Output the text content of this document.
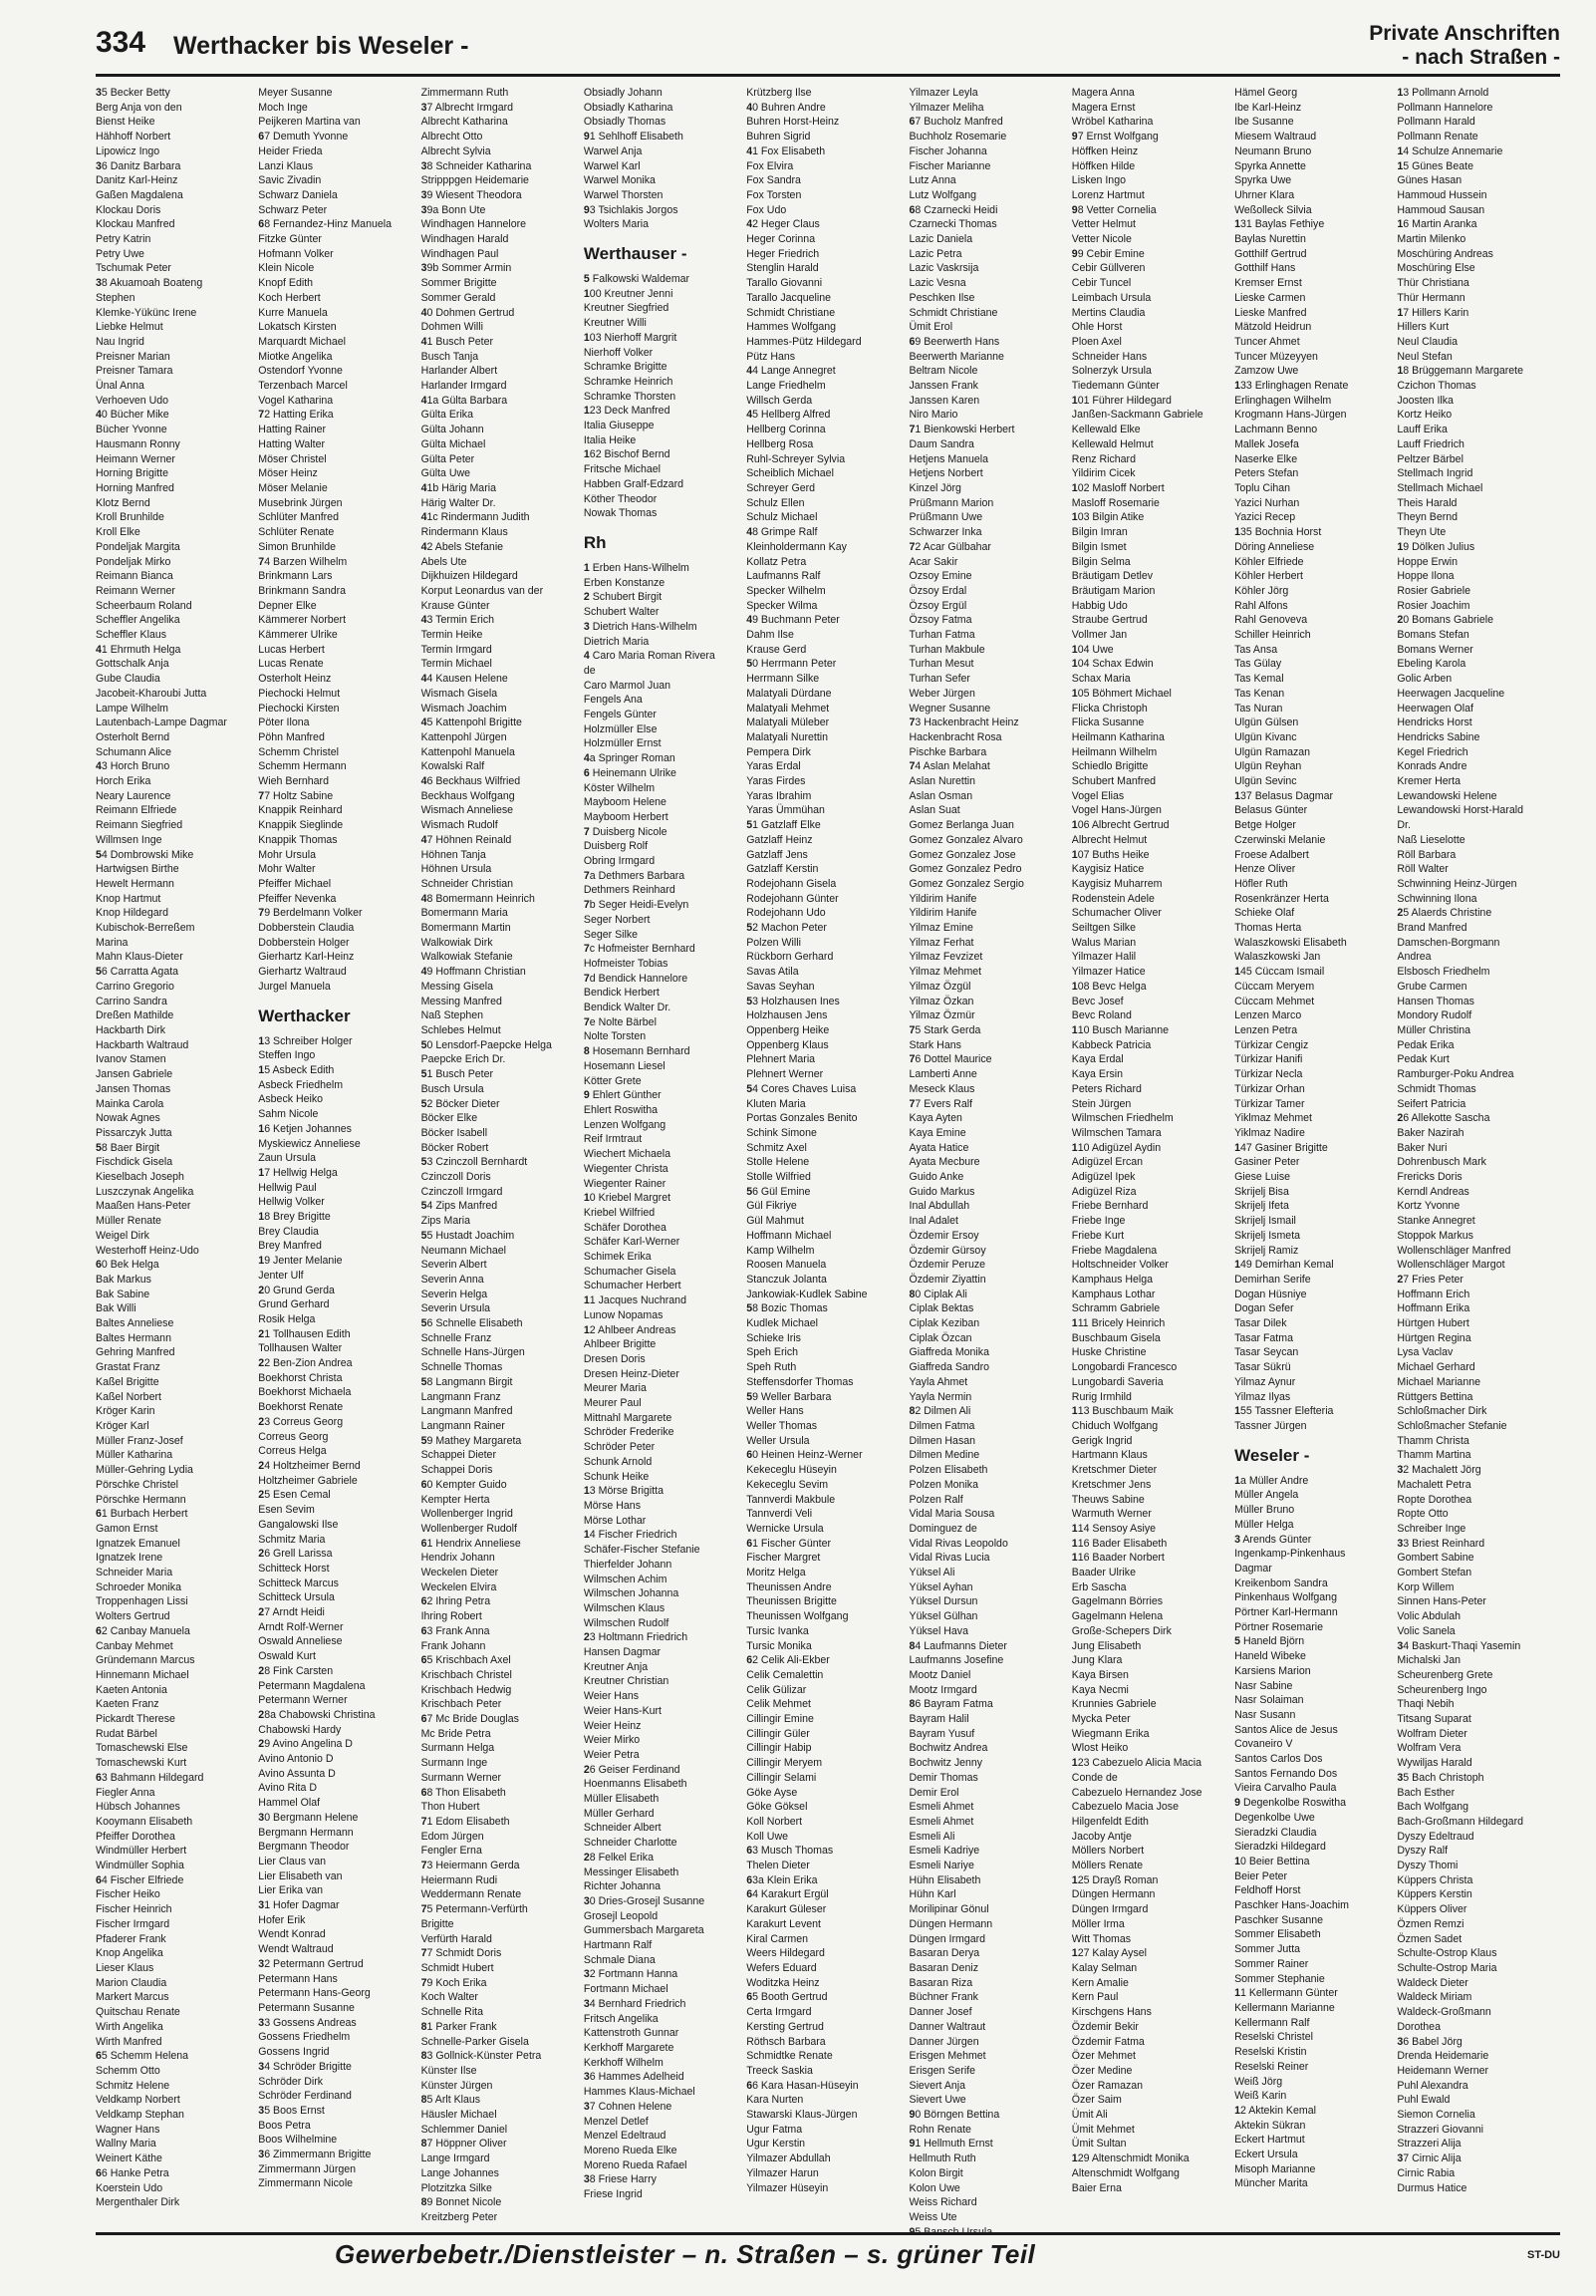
334 Werthacker bis Weseler -	Private Anschriften
- nach Straßen -
35 Becker Betty
Berg Anja von den
Bienst Heike
Hähhoff Norbert
Lipowicz Ingo
36 Danitz Barbara
Danitz Karl-Heinz
Gaßen Magdalena
Klockau Doris
Klockau Manfred
Petry Katrin
Petry Uwe
Tschumak Peter
38 Akuamoah Boateng
Stephen
Klemke-Yükünc Irene
Liebke Helmut
Nau Ingrid
Preisner Marian
Preisner Tamara
Ünal Anna
Verhoeven Udo
40 Bücher Mike
Bücher Yvonne
Hausmann Ronny
Heimann Werner
Horning Brigitte
Horning Manfred
Klotz Bernd
Kroll Brunhilde
Kroll Elke
Pondeljak Margita
Pondeljak Mirko
Reimann Bianca
Reimann Werner
Scheerbaum Roland
Scheffler Angelika
Scheffler Klaus
41 Ehrmuth Helga
Gottschalk Anja
Gube Claudia
Jacobeit-Kharoubi Jutta
Lampe Wilhelm
Lautenbach-Lampe Dagmar
Osterholt Bernd
Schumann Alice
43 Horch Bruno
Horch Erika
Neary Laurence
Reimann Elfriede
Reimann Siegfried
Willmsen Inge
54 Dombrowski Mike
Hartwigsen Birthe
Hewelt Hermann
Knop Hartmut
Knop Hildegard
Kubischok-Berreßem
Marina
Mahn Klaus-Dieter
56 Carratta Agata
Carrino Gregorio
Carrino Sandra
Dreßen Mathilde
Hackbarth Dirk
Hackbarth Waltraud
Ivanov Stamen
Jansen Gabriele
Jansen Thomas
Mainka Carola
Nowak Agnes
Pissarczyk Jutta
58 Baer Birgit
Fischdick Gisela
Kieselbach Joseph
Luszczynak Angelika
Maaßen Hans-Peter
Müller Renate
Weigel Dirk
Westerhoff Heinz-Udo
60 Bek Helga
Bak Markus
Bak Sabine
Bak Willi
Baltes Anneliese
Baltes Hermann
Gehring Manfred
Grastat Franz
Kaßel Brigitte
Kaßel Norbert
Kröger Karin
Kröger Karl
Müller Franz-Josef
Müller Katharina
Müller-Gehring Lydia
Pörschke Christel
Pörschke Hermann
61 Burbach Herbert
Gamon Ernst
Ignatzek Emanuel
Ignatzek Irene
Schneider Maria
Schroeder Monika
Troppenhagen Lissi
Wolters Gertrud
62 Canbay Manuela
Canbay Mehmet
Gründemann Marcus
Hinnemann Michael
Kaeten Antonia
Kaeten Franz
Pickardt Therese
Rudat Bärbel
Tomaschewski Else
Tomaschewski Kurt
63 Bahmann Hildegard
Fiegler Anna
Hübsch Johannes
Kooymann Elisabeth
Pfeiffer Dorothea
Windmüller Herbert
Windmüller Sophia
64 Fischer Elfriede
Fischer Heiko
Fischer Heinrich
Fischer Irmgard
Pfaderer Frank
Knop Angelika
Lieser Klaus
Marion Claudia
Markert Marcus
Quitschau Renate
Wirth Angelika
Wirth Manfred
65 Schemm Helena
Schemm Otto
Schmitz Helene
Veldkamp Norbert
Veldkamp Stephan
Wagner Hans
Wallny Maria
Weinert Käthe
66 Hanke Petra
Koerstein Udo
Mergenthaler Dirk
Meyer Susanne
Moch Inge
Peijkeren Martina van
67 Demuth Yvonne
Heider Frieda
Lanzi Klaus
Savic Zivadin
Schwarz Daniela
Schwarz Peter
68 Fernandez-Hinz Manuela
Fitzke Günter
Hofmann Volker
Klein Nicole
Knopf Edith
Koch Herbert
Kurre Manuela
Lokatsch Kirsten
Marquardt Michael
Miotke Angelika
Ostendorf Yvonne
Terzenbach Marcel
Vogel Katharina
72 Hatting Erika
Hatting Rainer
Hatting Walter
Möser Christel
Möser Heinz
Möser Melanie
Musebrink Jürgen
Schlüter Manfred
Schlüter Renate
Simon Brunhilde
74 Barzen Wilhelm
Brinkmann Lars
Brinkmann Sandra
Depner Elke
Kämmerer Norbert
Kämmerer Ulrike
Lucas Herbert
Lucas Renate
Osterholt Heinz
Piechocki Helmut
Piechocki Kirsten
Pöter Ilona
Pöhn Manfred
Schemm Christel
Schemm Hermann
Wieh Bernhard
77 Holtz Sabine
Knappik Reinhard
Knappik Sieglinde
Knappik Thomas
Mohr Ursula
Mohr Walter
Pfeiffer Michael
Pfeiffer Nevenka
79 Berdelmann Volker
Dobberstein Claudia
Dobberstein Holger
Gierhartz Karl-Heinz
Gierhartz Waltraud
Jurgel Manuela
Werthacker
13 Schreiber Holger
Steffen Ingo
15 Asbeck Edith
Asbeck Friedhelm
Asbeck Heiko
Sahm Nicole
16 Ketjen Johannes
Myskiewicz Anneliese
Zaun Ursula
17 Hellwig Helga
Hellwig Paul
Hellwig Volker
18 Brey Brigitte
Brey Claudia
Brey Manfred
19 Jenter Melanie
Jenter Ulf
20 Grund Gerda
Grund Gerhard
Rosik Helga
21 Tollhausen Edith
Tollhausen Walter
22 Ben-Zion Andrea
Boekhorst Christa
Boekhorst Michaela
Boekhorst Renate
23 Correus Georg
Correus Georg
Correus Helga
24 Holtzheimer Bernd
Holtzheimer Gabriele
25 Esen Cemal
Esen Sevim
Gangalowski Ilse
Schmitz Maria
26 Grell Larissa
Schitteck Horst
Schitteck Marcus
Schitteck Ursula
27 Arndt Heidi
Arndt Rolf-Werner
Oswald Anneliese
Oswald Kurt
28 Fink Carsten
Petermann Magdalena
Petermann Werner
28a Chabowski Christina
Chabowski Hardy
29 Avino Angelina D
Avino Antonio D
Avino Assunta D
Avino Rita D
Hammel Olaf
30 Bergmann Helene
Bergmann Hermann
Bergmann Theodor
Lier Claus van
Lier Elisabeth van
Lier Erika van
31 Hofer Dagmar
Hofer Erik
Wendt Konrad
Wendt Waltraud
32 Petermann Gertrud
Petermann Hans
Petermann Hans-Georg
Petermann Susanne
33 Gossens Andreas
Gossens Friedhelm
Gossens Ingrid
34 Schröder Brigitte
Schröder Dirk
Schröder Ferdinand
35 Boos Ernst
Boos Petra
Boos Wilhelmine
36 Zimmermann Brigitte
Zimmermann Jürgen
Zimmermann Nicole
Zimmermann Ruth
37 Albrecht Irmgard
Albrecht Katharina
Albrecht Otto
Albrecht Sylvia
38 Schneider Katharina
Stripppgen Heidemarie
39 Wiesent Theodora
39a Bonn Ute
Windhagen Hannelore
Windhagen Harald
Windhagen Paul
39b Sommer Armin
Sommer Brigitte
Sommer Gerald
40 Dohmen Gertrud
Dohmen Willi
41 Busch Peter
Busch Tanja
Harlander Albert
Harlander Irmgard
41a Gülta Barbara
Gülta Erika
Gülta Johann
Gülta Michael
Gülta Peter
Gülta Uwe
41b Härig Maria
Härig Walter Dr.
41c Rindermann Judith
Rindermann Klaus
42 Abels Stefanie
Abels Ute
Dijkhuizen Hildegard
Korput Leonardus van der
Krause Günter
43 Termin Erich
Termin Heike
Termin Irmgard
Termin Michael
44 Kausen Helene
Wismach Gisela
Wismach Joachim
45 Kattenpohl Brigitte
Kattenpohl Jürgen
Kattenpohl Manuela
Kowalski Ralf
46 Beckhaus Wilfried
Beckhaus Wolfgang
Wismach Anneliese
Wismach Rudolf
47 Höhnen Reinald
Höhnen Tanja
Höhnen Ursula
Schneider Christian
48 Bomermann Heinrich
Bomermann Maria
Bomermann Martin
Walkowiak Dirk
Walkowiak Stefanie
49 Hoffmann Christian
Messing Gisela
Messing Manfred
Naß Stephen
Schlebes Helmut
50 Lensdorf-Paepcke Helga
Paepcke Erich Dr.
51 Busch Peter
Busch Ursula
52 Böcker Dieter
Böcker Elke
Böcker Isabell
Böcker Robert
53 Czinczoll Bernhardt
Czinczoll Doris
Czinczoll Irmgard
54 Zips Manfred
Zips Maria
55 Hustadt Joachim
Neumann Michael
Severin Albert
Severin Anna
Severin Helga
Severin Ursula
56 Schnelle Elisabeth
Schnelle Franz
Schnelle Hans-Jürgen
Schnelle Thomas
58 Langmann Birgit
Langmann Franz
Langmann Manfred
Langmann Rainer
59 Mathey Margareta
Schappei Dieter
Schappei Doris
60 Kempter Guido
Kempter Herta
Wollenberger Ingrid
Wollenberger Rudolf
61 Hendrix Anneliese
Hendrix Johann
Weckelen Dieter
Weckelen Elvira
62 Ihring Petra
Ihring Robert
63 Frank Anna
Frank Johann
65 Krischbach Axel
Krischbach Christel
Krischbach Hedwig
Krischbach Peter
67 Mc Bride Douglas
Mc Bride Petra
Surmann Helga
Surmann Inge
Surmann Werner
68 Thon Elisabeth
Thon Hubert
71 Edom Elisabeth
Edom Jürgen
Fengler Erna
73 Heiermann Gerda
Heiermann Rudi
Weddermann Renate
75 Petermann-Verfürth
Brigitte
Verfürth Harald
77 Schmidt Doris
Schmidt Hubert
79 Koch Erika
Koch Walter
Schnelle Rita
81 Parker Frank
Schnelle-Parker Gisela
83 Gollnick-Künster Petra
Künster Ilse
Künster Jürgen
85 Arlt Klaus
Häusler Michael
Schlemmer Daniel
87 Höppner Oliver
Lange Irmgard
Lange Johannes
Plotzitzka Silke
89 Bonnet Nicole
Kreitzberg Peter
Obsiadly Johann
Obsiadly Katharina
Obsiadly Thomas
91 Sehlhoff Elisabeth
Warwel Anja
Warwel Karl
Warwel Monika
Warwel Thorsten
93 Tsichlakis Jorgos
Wolters Maria
Werthauser -
5 Falkowski Waldemar
100 Kreutner Jenni
Kreutner Siegfried
Kreutner Willi
103 Nierhoff Margrit
Nierhoff Volker
Schramke Brigitte
Schramke Heinrich
Schramke Thorsten
123 Deck Manfred
Italia Giuseppe
Italia Heike
162 Bischof Bernd
Fritsche Michael
Habben Gralf-Edzard
Köther Theodor
Nowak Thomas
Rh
1 Erben Hans-Wilhelm
Erben Konstanze
2 Schubert Birgit
Schubert Walter
3 Dietrich Hans-Wilhelm
Dietrich Maria
4 Caro Maria Roman Rivera
de
Caro Marmol Juan
Fengels Ana
Fengels Günter
Holzmüller Else
Holzmüller Ernst
4a Springer Roman
6 Heinemann Ulrike
Köster Wilhelm
Mayboom Helene
Mayboom Herbert
7 Duisberg Nicole
Duisberg Rolf
Obring Irmgard
7a Dethmers Barbara
Dethmers Reinhard
7b Seger Heidi-Evelyn
Seger Norbert
Seger Silke
7c Hofmeister Bernhard
Hofmeister Tobias
7d Bendick Hannelore
Bendick Herbert
Bendick Walter Dr.
7e Nolte Bärbel
Nolte Torsten
8 Hosemann Bernhard
Hosemann Liesel
Kötter Grete
9 Ehlert Günther
Ehlert Roswitha
Lenzen Wolfgang
Reif Irmtraut
Wiechert Michaela
Wiegenter Christa
Wiegenter Rainer
10 Kriebel Margret
Kriebel Wilfried
Schäfer Dorothea
Schäfer Karl-Werner
Schimek Erika
Schumacher Gisela
Schumacher Herbert
11 Jacques Nuchrand
Lunow Nopamas
12 Ahlbeer Andreas
Ahlbeer Brigitte
Dresen Doris
Dresen Heinz-Dieter
Meurer Maria
Meurer Paul
Mittnahl Margarete
Schröder Frederike
Schröder Peter
Schunk Arnold
Schunk Heike
13 Mörse Brigitta
Mörse Hans
Mörse Lothar
14 Fischer Friedrich
Schäfer-Fischer Stefanie
Thierfelder Johann
Wilmschen Achim
Wilmschen Johanna
Wilmschen Klaus
Wilmschen Rudolf
23 Holtmann Friedrich
Hansen Dagmar
Kreutner Anja
Kreutner Christian
Weier Hans
Weier Hans-Kurt
Weier Heinz
Weier Mirko
Weier Petra
26 Geiser Ferdinand
Hoenmanns Elisabeth
Müller Elisabeth
Müller Gerhard
Schneider Albert
Schneider Charlotte
28 Felkel Erika
Messinger Elisabeth
Richter Johanna
30 Dries-Grosejl Susanne
Grosejl Leopold
Gummersbach Margareta
Hartmann Ralf
Schmale Diana
32 Fortmann Hanna
Fortmann Michael
34 Bernhard Friedrich
Fritsch Angelika
Kattenstroth Gunnar
Kerkhoff Margarete
Kerkhoff Wilhelm
36 Hammes Adelheid
Hammes Klaus-Michael
37 Cohnen Helene
Menzel Detlef
Menzel Edeltraud
Moreno Rueda Elke
Moreno Rueda Rafael
38 Friese Harry
Friese Ingrid
Krützberg Ilse
40 Buhren Andre
Buhren Horst-Heinz
Buhren Sigrid
41 Fox Elisabeth
Fox Elvira
Fox Sandra
Fox Torsten
Fox Udo
42 Heger Claus
Heger Corinna
Heger Friedrich
Stenglin Harald
Tarallo Giovanni
Tarallo Jacqueline
Schmidt Christiane
Hammes Wolfgang
Hammes-Pütz Hildegard
Pütz Hans
44 Lange Annegret
Lange Friedhelm
Willsch Gerda
45 Hellberg Alfred
Hellberg Corinna
Hellberg Rosa
Ruhl-Schreyer Sylvia
Scheiblich Michael
Schreyer Gerd
Schulz Ellen
Schulz Michael
48 Grimpe Ralf
Kleinholdermann Kay
Kollatz Petra
Laufmanns Ralf
Specker Wilhelm
Specker Wilma
49 Buchmann Peter
Dahm Ilse
Krause Gerd
50 Herrmann Peter
Herrmann Silke
Malatyali Dürdane
Malatyali Mehmet
Malatyali Müleber
Malatyali Nurettin
Pempera Dirk
Yaras Erdal
Yaras Firdes
Yaras Ibrahim
Yaras Ümmühan
51 Gatzlaff Elke
Gatzlaff Heinz
Gatzlaff Jens
Gatzlaff Kerstin
Rodejohann Gisela
Rodejohann Günter
Rodejohann Udo
52 Machon Peter
Polzen Willi
Rückborn Gerhard
Savas Atila
Savas Seyhan
53 Holzhausen Ines
Holzhausen Jens
Oppenberg Heike
Oppenberg Klaus
Plehnert Maria
Plehnert Werner
54 Cores Chaves Luisa
Kluten Maria
Portas Gonzales Benito
Schink Simone
Schmitz Axel
Stolle Helene
Stolle Wilfried
56 Gül Emine
Gül Fikriye
Gül Mahmut
Hoffmann Michael
Kamp Wilhelm
Roosen Manuela
Stanczuk Jolanta
Jankowiak-Kudlek Sabine
58 Bozic Thomas
Kudlek Michael
Schieke Iris
Speh Erich
Speh Ruth
Steffensdorfer Thomas
59 Weller Barbara
Weller Hans
Weller Thomas
Weller Ursula
60 Heinen Heinz-Werner
Kekeceglu Hüseyin
Kekeceglu Sevim
Tannverdi Makbule
Tannverdi Veli
Wernicke Ursula
61 Fischer Günter
Fischer Margret
Moritz Helga
Theunissen Andre
Theunissen Brigitte
Theunissen Wolfgang
Tursic Ivanka
Tursic Monika
62 Celik Ali-Ekber
Celik Cemalettin
Celik Gülizar
Celik Mehmet
Cillingir Emine
Cillingir Güler
Cillingir Habip
Cillingir Meryem
Cillingir Selami
Göke Ayse
Göke Göksel
Koll Norbert
Koll Uwe
63 Musch Thomas
Thelen Dieter
63a Klein Erika
64 Karakurt Ergül
Karakurt Güleser
Karakurt Levent
Kiral Carmen
Weers Hildegard
Wefers Eduard
Woditzka Heinz
65 Booth Gertrud
Certa Irmgard
Kersting Gertrud
Röthsch Barbara
Schmidtke Renate
Treeck Saskia
66 Kara Hasan-Hüseyin
Kara Nurten
Stawarski Klaus-Jürgen
Ugur Fatma
Ugur Kerstin
Yilmazer Abdullah
Yilmazer Harun
Yilmazer Hüseyin
Yilmazer Leyla
Yilmazer Meliha
67 Bucholz Manfred
Buchholz Rosemarie
Fischer Johanna
Fischer Marianne
Lutz Anna
Lutz Wolfgang
68 Czarnecki Heidi
Czarnecki Thomas
Lazic Daniela
Lazic Petra
Lazic Vaskrsija
Lazic Vesna
Peschken Ilse
Schmidt Christiane
Ümit Erol
69 Beerwerth Hans
Beerwerth Marianne
Beltram Nicole
Janssen Frank
Janssen Karen
Niro Mario
71 Bienkowski Herbert
Daum Sandra
Hetjens Manuela
Hetjens Norbert
Kinzel Jörg
Prüßmann Marion
Prüßmann Uwe
Schwarzer Inka
72 Acar Gülbahar
Acar Sakir
Ozsoy Emine
Özsoy Erdal
Özsoy Ergül
Özsoy Fatma
Turhan Fatma
Turhan Makbule
Turhan Mesut
Turhan Sefer
Weber Jürgen
Wegner Susanne
73 Hackenbracht Heinz
Hackenbracht Rosa
Pischke Barbara
74 Aslan Melahat
Aslan Nurettin
Aslan Osman
Aslan Suat
Gomez Berlanga Juan
Gomez Gonzalez Alvaro
Gomez Gonzalez Jose
Gomez Gonzalez Pedro
Gomez Gonzalez Sergio
Yildirim Hanife
Yildirim Hanife
Yilmaz Emine
Yilmaz Ferhat
Yilmaz Fevzizet
Yilmaz Mehmet
Yilmaz Özgül
Yilmaz Özkan
Yilmaz Özmür
75 Stark Gerda
Stark Hans
76 Dottel Maurice
Lamberti Anne
Meseck Klaus
77 Evers Ralf
Kaya Ayten
Kaya Emine
Ayata Hatice
Ayata Mecbure
Guido Anke
Guido Markus
Inal Abdullah
Inal Adalet
Özdemir Ersoy
Özdemir Gürsoy
Özdemir Peruze
Özdemir Ziyattin
80 Ciplak Ali
Ciplak Bektas
Ciplak Keziban
Ciplak Özcan
Giaffreda Monika
Giaffreda Sandro
Yayla Ahmet
Yayla Nermin
82 Dilmen Ali
Dilmen Fatma
Dilmen Hasan
Dilmen Medine
Polzen Elisabeth
Polzen Monika
Polzen Ralf
Vidal Maria Sousa
Dominguez de
Vidal Rivas Leopoldo
Vidal Rivas Lucia
Yüksel Ali
Yüksel Ayhan
Yüksel Dursun
Yüksel Gülhan
Yüksel Hava
84 Laufmanns Dieter
Laufmanns Josefine
Mootz Daniel
Mootz Irmgard
86 Bayram Fatma
Bayram Halil
Bayram Yusuf
Bochwitz Andrea
Bochwitz Jenny
Demir Thomas
Demir Erol
Esmeli Ahmet
Esmeli Ahmet
Esmeli Ali
Esmeli Kadriye
Esmeli Nariye
Hühn Elisabeth
Hühn Karl
Morilipinar Gönul
Düngen Hermann
Düngen Irmgard
Basaran Derya
Basaran Deniz
Basaran Riza
Büchner Frank
Danner Josef
Danner Waltraut
Danner Jürgen
Erisgen Mehmet
Erisgen Serife
Sievert Anja
Sievert Uwe
90 Börngen Bettina
Rohn Renate
91 Hellmuth Ernst
Hellmuth Ruth
Kolon Birgit
Kolon Uwe
Weiss Richard
Weiss Ute
95 Bansch Ursula
Magera Anna
Magera Ernst
Wröbel Katharina
97 Ernst Wolfgang
Höffken Heinz
Höffken Hilde
Lisken Ingo
Lorenz Hartmut
98 Vetter Cornelia
Vetter Helmut
Vetter Nicole
99 Cebir Emine
Cebir Güllveren
Cebir Tuncel
Leimbach Ursula
Mertins Claudia
Ohle Horst
Ploen Axel
Schneider Hans
Solnerzyk Ursula
Tiedemann Günter
101 Führer Hildegard
Janßen-Sackmann Gabriele
Kellewald Elke
Kellewald Helmut
Renz Richard
Yildirim Cicek
102 Masloff Norbert
Masloff Rosemarie
103 Bilgin Atike
Bilgin Imran
Bilgin Ismet
Bilgin Selma
Bräutigam Detlev
Bräutigam Marion
Habbig Udo
Straube Gertrud
Vollmer Jan
104 Uwe
104 Schax Edwin
Schax Maria
105 Böhmert Michael
Flicka Christoph
Flicka Susanne
Heilmann Katharina
Heilmann Wilhelm
Schiedlo Brigitte
Schubert Manfred
Vogel Elias
Vogel Hans-Jürgen
106 Albrecht Gertrud
Albrecht Helmut
107 Buths Heike
Kaygisiz Hatice
Kaygisiz Muharrem
Rodenstein Adele
Schumacher Oliver
Seiltgen Silke
Walus Marian
Yilmazer Halil
Yilmazer Hatice
108 Bevc Helga
Bevc Josef
Bevc Roland
110 Busch Marianne
Kabbeck Patricia
Kaya Erdal
Kaya Ersin
Peters Richard
Stein Jürgen
Wilmschen Friedhelm
Wilmschen Tamara
110 Adigüzel Aydin
Adigüzel Ercan
Adigüzel Ipek
Adigüzel Riza
Friebe Bernhard
Friebe Inge
Friebe Kurt
Friebe Magdalena
Holtschneider Volker
Kamphaus Helga
Kamphaus Lothar
Schramm Gabriele
111 Bricely Heinrich
Buschbaum Gisela
Huske Christine
Longobardi Francesco
Lungobardi Saveria
Rurig Irmhild
113 Buschbaum Maik
Chiduch Wolfgang
Gerigk Ingrid
Hartmann Klaus
Kretschmer Dieter
Kretschmer Jens
Theuws Sabine
Warmuth Werner
114 Sensoy Asiye
116 Bader Elisabeth
116 Baader Norbert
Baader Ulrike
Erb Sascha
Gagelmann Börries
Gagelmann Helena
Große-Schepers Dirk
Jung Elisabeth
Jung Klara
Kaya Birsen
Kaya Necmi
Krunnies Gabriele
Mycka Peter
Wiegmann Erika
Wlost Heiko
123 Cabezuelo Alicia Macia
Conde de
Cabezuelo Hernandez Jose
Cabezuelo Macia Jose
Hilgenfeldt Edith
Jacoby Antje
Möllers Norbert
Möllers Renate
125 Drayß Roman
Düngen Hermann
Düngen Irmgard
Möller Irma
Witt Thomas
127 Kalay Aysel
Kalay Selman
Kern Amalie
Kern Paul
Kirschgens Hans
Özdemir Bekir
Özdemir Fatma
Özer Mehmet
Özer Medine
Özer Ramazan
Özer Saim
Ümit Ali
Ümit Mehmet
Ümit Sultan
129 Altenschmidt Monika
Altenschmidt Wolfgang
Baier Erna
Hämel Georg
Ibe Karl-Heinz
Ibe Susanne
Miesem Waltraud
Neumann Bruno
Spyrka Annette
Spyrka Uwe
Uhrner Klara
Weßolleck Silvia
131 Baylas Fethiye
Baylas Nurettin
Gotthilf Gertrud
Gotthilf Hans
Kremser Ernst
Lieske Carmen
Lieske Manfred
Mätzold Heidrun
Tuncer Ahmet
Tuncer Müzeyyen
Zamzow Uwe
133 Erlinghagen Renate
Erlinghagen Wilhelm
Krogmann Hans-Jürgen
Lachmann Benno
Mallek Josefa
Naserke Elke
Peters Stefan
Toplu Cihan
Yazici Nurhan
Yazici Recep
135 Bochnia Horst
Döring Anneliese
Köhler Elfriede
Köhler Herbert
Köhler Jörg
Rahl Alfons
Rahl Genoveva
Schiller Heinrich
Tas Ansa
Tas Gülay
Tas Kemal
Tas Kenan
Tas Nuran
Ulgün Gülsen
Ulgün Kivanc
Ulgün Ramazan
Ulgün Reyhan
Ulgün Sevinc
137 Belasus Dagmar
Belasus Günter
Betge Holger
Czerwinski Melanie
Froese Adalbert
Henze Oliver
Höfler Ruth
Rosenkränzer Herta
Schieke Olaf
Thomas Herta
Walaszkowski Elisabeth
Walaszkowski Jan
145 Cüccam Ismail
Cüccam Meryem
Cüccam Mehmet
Lenzen Marco
Lenzen Petra
Türkizar Cengiz
Türkizar Hanifi
Türkizar Necla
Türkizar Orhan
Türkizar Tamer
Yiklmaz Mehmet
Yiklmaz Nadire
147 Gasiner Brigitte
Gasiner Peter
Giese Luise
Skrijelj Bisa
Skrijelj Ifeta
Skrijelj Ismail
Skrijelj Ismeta
Skrijelj Ramiz
149 Demirhan Kemal
Demirhan Serife
Dogan Hüsniye
Dogan Sefer
Tasar Dilek
Tasar Fatma
Tasar Seycan
Tasar Sükrü
Yilmaz Aynur
Yilmaz Ilyas
155 Tassner Elefteria
Tassner Jürgen
Weseler -
1a Müller Andre
Müller Angela
Müller Bruno
Müller Helga
3 Arends Günter
Ingenkamp-Pinkenhaus
Dagmar
Kreikenbom Sandra
Pinkenhaus Wolfgang
Pörtner Karl-Hermann
Pörtner Rosemarie
5 Haneld Björn
Haneld Wibeke
Karsiens Marion
Nasr Sabine
Nasr Solaiman
Nasr Susann
Santos Alice de Jesus
Covaneiro V
Santos Carlos Dos
Santos Fernando Dos
Vieira Carvalho Paula
9 Degenkolbe Roswitha
Degenkolbe Uwe
Sieradzki Claudia
Sieradzki Hildegard
10 Beier Bettina
Beier Peter
Feldhoff Horst
Paschker Hans-Joachim
Paschker Susanne
Sommer Elisabeth
Sommer Jutta
Sommer Rainer
Sommer Stephanie
11 Kellermann Günter
Kellermann Marianne
Kellermann Ralf
Reselski Christel
Reselski Kristin
Reselski Reiner
Weiß Jörg
Weiß Karin
12 Aktekin Kemal
Aktekin Sükran
Eckert Hartmut
Eckert Ursula
Misoph Marianne
Müncher Marita
13 Pollmann Arnold
Pollmann Hannelore
Pollmann Harald
Pollmann Renate
14 Schulze Annemarie
15 Günes Beate
Günes Hasan
Hammoud Hussein
Hammoud Sausan
16 Martin Aranka
Martin Milenko
Moschüring Andreas
Moschüring Else
Thür Christiana
Thür Hermann
17 Hillers Karin
Hillers Kurt
Neul Claudia
Neul Stefan
18 Brüggemann Margarete
Czichon Thomas
Joosten Ilka
Kortz Heiko
Lauff Erika
Lauff Friedrich
Peltzer Bärbel
Stellmach Ingrid
Stellmach Michael
Theis Harald
Theyn Bernd
Theyn Ute
19 Dölken Julius
Hoppe Erwin
Hoppe Ilona
Rosier Gabriele
Rosier Joachim
20 Bomans Gabriele
Bomans Stefan
Bomans Werner
Ebeling Karola
Golic Arben
Heerwagen Jacqueline
Heerwagen Olaf
Hendricks Horst
Hendricks Sabine
Kegel Friedrich
Konrads Andre
Kremer Herta
Lewandowski Helene
Lewandowski Horst-Harald
Dr.
Naß Lieselotte
Röll Barbara
Röll Walter
Schwinning Heinz-Jürgen
Schwinning Ilona
25 Alaerds Christine
Brand Manfred
Damschen-Borgmann
Andrea
Elsbosch Friedhelm
Grube Carmen
Hansen Thomas
Mondory Rudolf
Müller Christina
Pedak Erika
Pedak Kurt
Ramburger-Poku Andrea
Schmidt Thomas
Seifert Patricia
26 Allekotte Sascha
Baker Nazirah
Baker Nuri
Dohrenbusch Mark
Frericks Doris
Kerndl Andreas
Kortz Yvonne
Stanke Annegret
Stoppok Markus
Wollenschläger Manfred
Wollenschläger Margot
27 Fries Peter
Hoffmann Erich
Hoffmann Erika
Hürtgen Hubert
Hürtgen Regina
Lysa Vaclav
Michael Gerhard
Michael Marianne
Rüttgers Bettina
Schloßmacher Dirk
Schloßmacher Stefanie
Thamm Christa
Thamm Martina
32 Machalett Jörg
Machalett Petra
Ropte Dorothea
Ropte Otto
Schreiber Inge
33 Briest Reinhard
Gombert Sabine
Gombert Stefan
Korp Willem
Sinnen Hans-Peter
Volic Abdulah
Volic Sanela
34 Baskurt-Thaqi Yasemin
Michalski Jan
Scheurenberg Grete
Scheurenberg Ingo
Thaqi Nebih
Titsang Suparat
Wolfram Dieter
Wolfram Vera
Wywiljas Harald
35 Bach Christoph
Bach Esther
Bach Wolfgang
Bach-Großmann Hildegard
Dyszy Edeltraud
Dyszy Ralf
Dyszy Thomi
Küppers Christa
Küppers Kerstin
Küppers Oliver
Özmen Remzi
Özmen Sadet
Schulte-Ostrop Klaus
Schulte-Ostrop Maria
Waldeck Dieter
Waldeck Miriam
Waldeck-Großmann
Dorothea
36 Babel Jörg
Drenda Heidemarie
Heidemann Werner
Puhl Alexandra
Puhl Ewald
Siemon Cornelia
Strazzeri Giovanni
Strazzeri Alija
37 Cirnic Alija
Cirnic Rabia
Durmus Hatice
Gewerbebetr./Dienstleister – n. Straßen – s. grüner Teil	ST-DU
